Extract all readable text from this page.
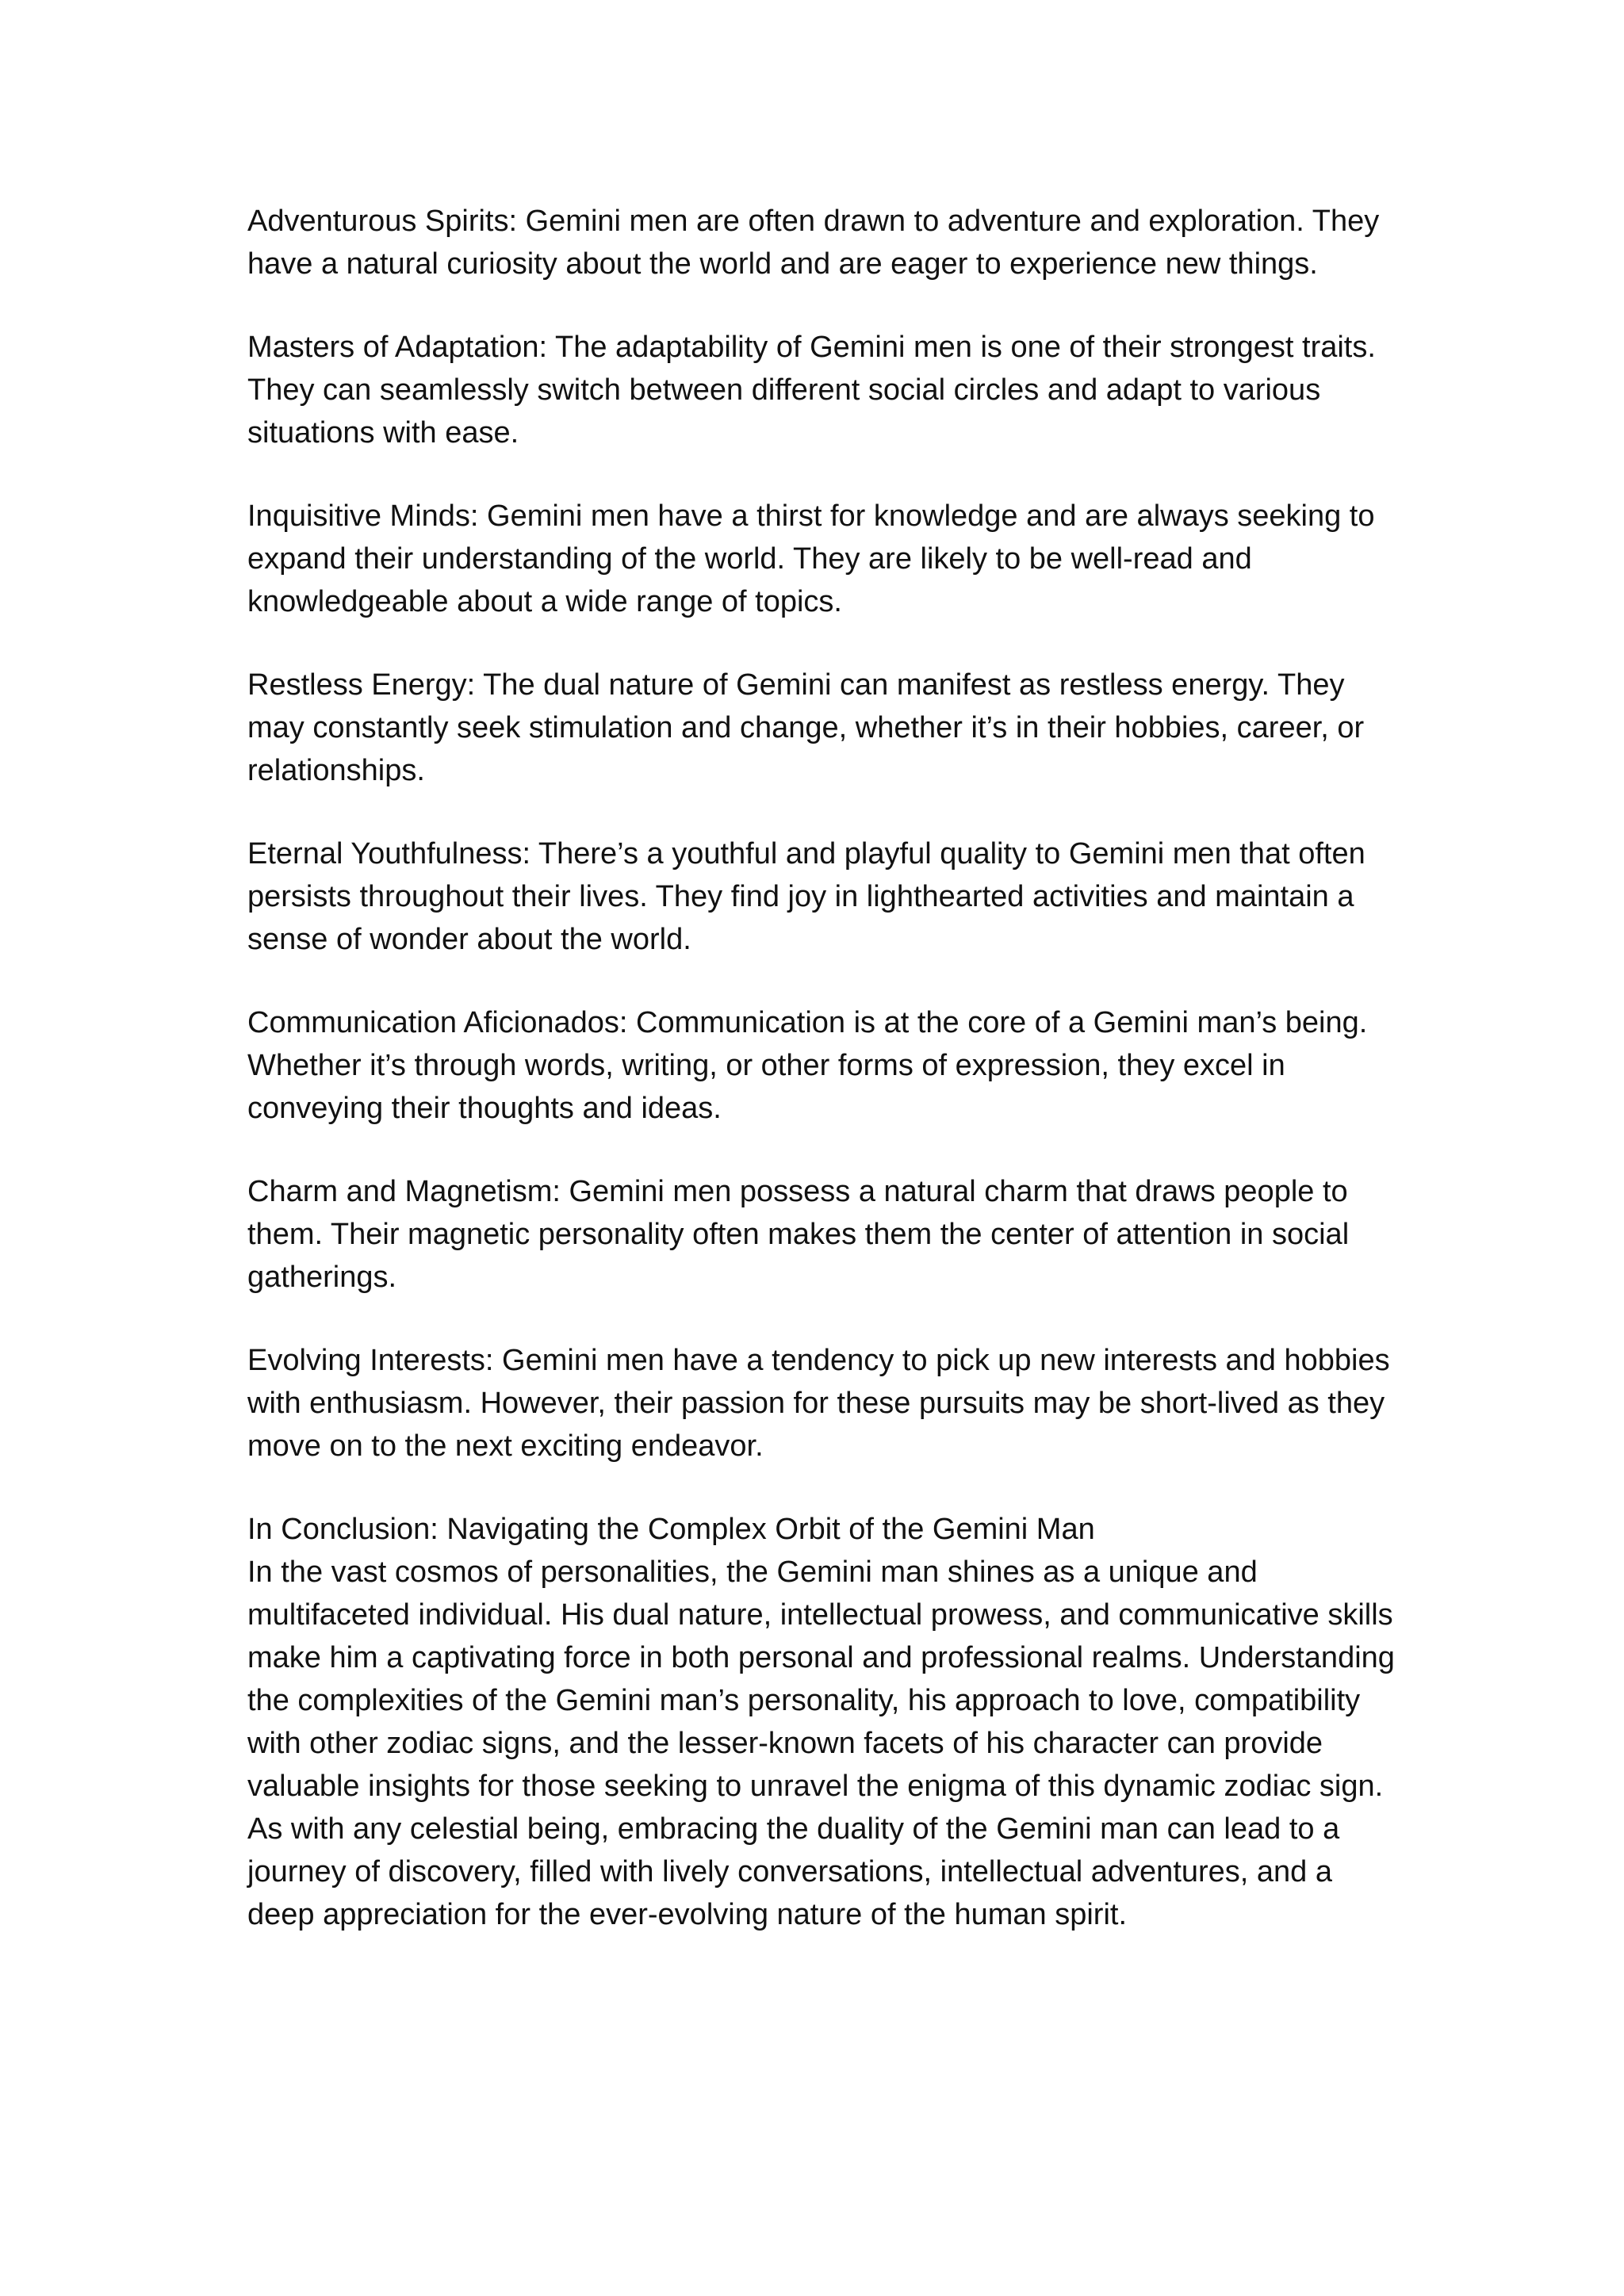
Adventurous Spirits: Gemini men are often drawn to adventure and exploration. They have a natural curiosity about the world and are eager to experience new things.

Masters of Adaptation: The adaptability of Gemini men is one of their strongest traits. They can seamlessly switch between different social circles and adapt to various situations with ease.

Inquisitive Minds: Gemini men have a thirst for knowledge and are always seeking to expand their understanding of the world. They are likely to be well-read and knowledgeable about a wide range of topics.

Restless Energy: The dual nature of Gemini can manifest as restless energy. They may constantly seek stimulation and change, whether it’s in their hobbies, career, or relationships.

Eternal Youthfulness: There’s a youthful and playful quality to Gemini men that often persists throughout their lives. They find joy in lighthearted activities and maintain a sense of wonder about the world.

Communication Aficionados: Communication is at the core of a Gemini man’s being. Whether it’s through words, writing, or other forms of expression, they excel in conveying their thoughts and ideas.

Charm and Magnetism: Gemini men possess a natural charm that draws people to them. Their magnetic personality often makes them the center of attention in social gatherings.

Evolving Interests: Gemini men have a tendency to pick up new interests and hobbies with enthusiasm. However, their passion for these pursuits may be short-lived as they move on to the next exciting endeavor.

In Conclusion: Navigating the Complex Orbit of the Gemini Man

In the vast cosmos of personalities, the Gemini man shines as a unique and multifaceted individual. His dual nature, intellectual prowess, and communicative skills make him a captivating force in both personal and professional realms. Understanding the complexities of the Gemini man’s personality, his approach to love, compatibility with other zodiac signs, and the lesser-known facets of his character can provide valuable insights for those seeking to unravel the enigma of this dynamic zodiac sign. As with any celestial being, embracing the duality of the Gemini man can lead to a journey of discovery, filled with lively conversations, intellectual adventures, and a deep appreciation for the ever-evolving nature of the human spirit.
